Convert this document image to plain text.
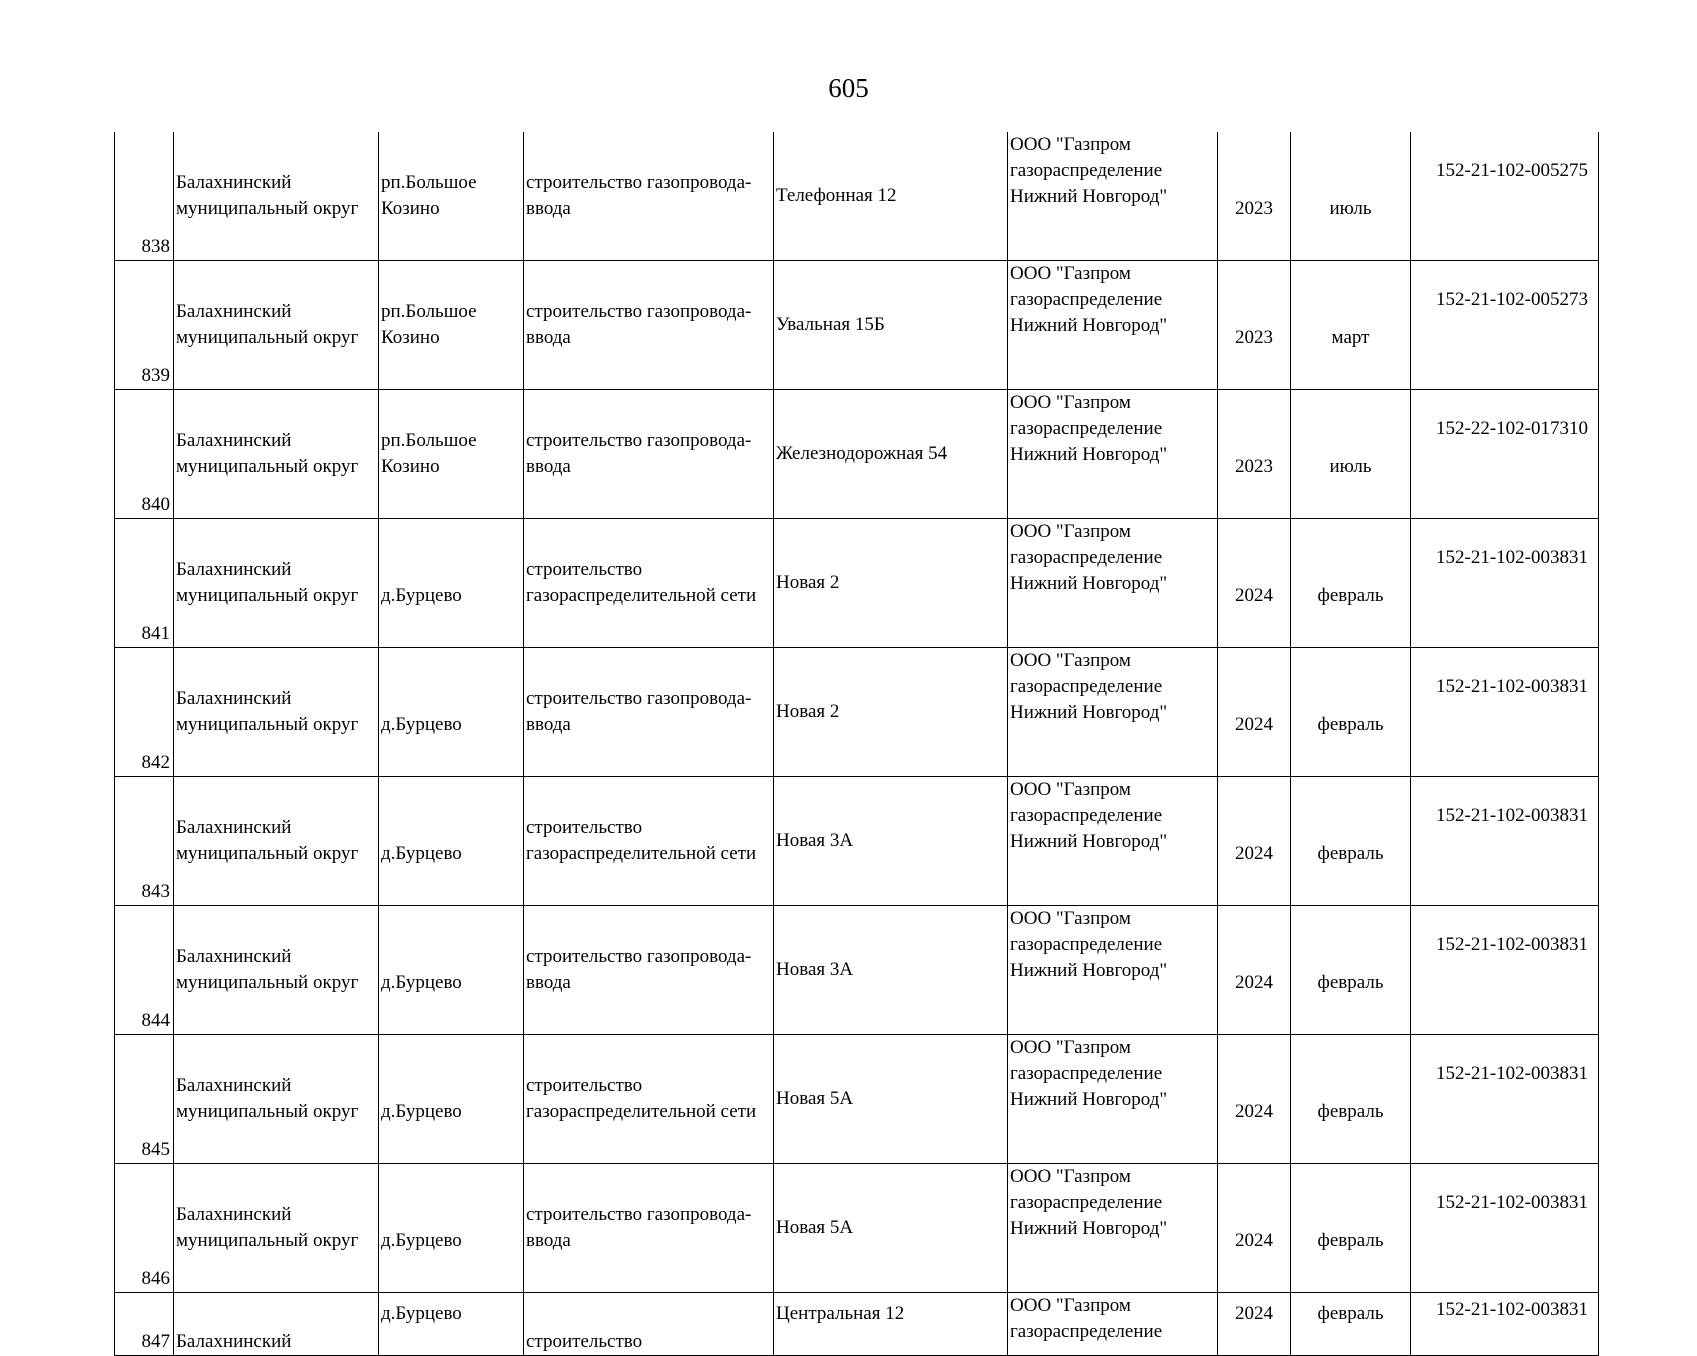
605
838	Балахнинский
муниципальный округ	рп.Большое
Козино	строительство газопровода-
ввода	Телефонная 12	ООО "Газпром
газораспределение
Нижний Новгород"	2023	июль	152-21-102-005275
839	Балахнинский
муниципальный округ	рп.Большое
Козино	строительство газопровода-
ввода	Увальная 15Б	ООО "Газпром
газораспределение
Нижний Новгород"	2023	март	152-21-102-005273
840	Балахнинский
муниципальный округ	рп.Большое
Козино	строительство газопровода-
ввода	Железнодорожная 54	ООО "Газпром
газораспределение
Нижний Новгород"	2023	июль	152-22-102-017310
841	Балахнинский
муниципальный округ	д.Бурцево	строительство
газораспределительной сети	Новая 2	ООО "Газпром
газораспределение
Нижний Новгород"	2024	февраль	152-21-102-003831
842	Балахнинский
муниципальный округ	д.Бурцево	строительство газопровода-
ввода	Новая 2	ООО "Газпром
газораспределение
Нижний Новгород"	2024	февраль	152-21-102-003831
843	Балахнинский
муниципальный округ	д.Бурцево	строительство
газораспределительной сети	Новая 3А	ООО "Газпром
газораспределение
Нижний Новгород"	2024	февраль	152-21-102-003831
844	Балахнинский
муниципальный округ	д.Бурцево	строительство газопровода-
ввода	Новая 3А	ООО "Газпром
газораспределение
Нижний Новгород"	2024	февраль	152-21-102-003831
845	Балахнинский
муниципальный округ	д.Бурцево	строительство
газораспределительной сети	Новая 5А	ООО "Газпром
газораспределение
Нижний Новгород"	2024	февраль	152-21-102-003831
846	Балахнинский
муниципальный округ	д.Бурцево	строительство газопровода-
ввода	Новая 5А	ООО "Газпром
газораспределение
Нижний Новгород"	2024	февраль	152-21-102-003831
847	Балахнинский	д.Бурцево	строительство	Центральная 12	ООО "Газпром
газораспределение	2024	февраль	152-21-102-003831
